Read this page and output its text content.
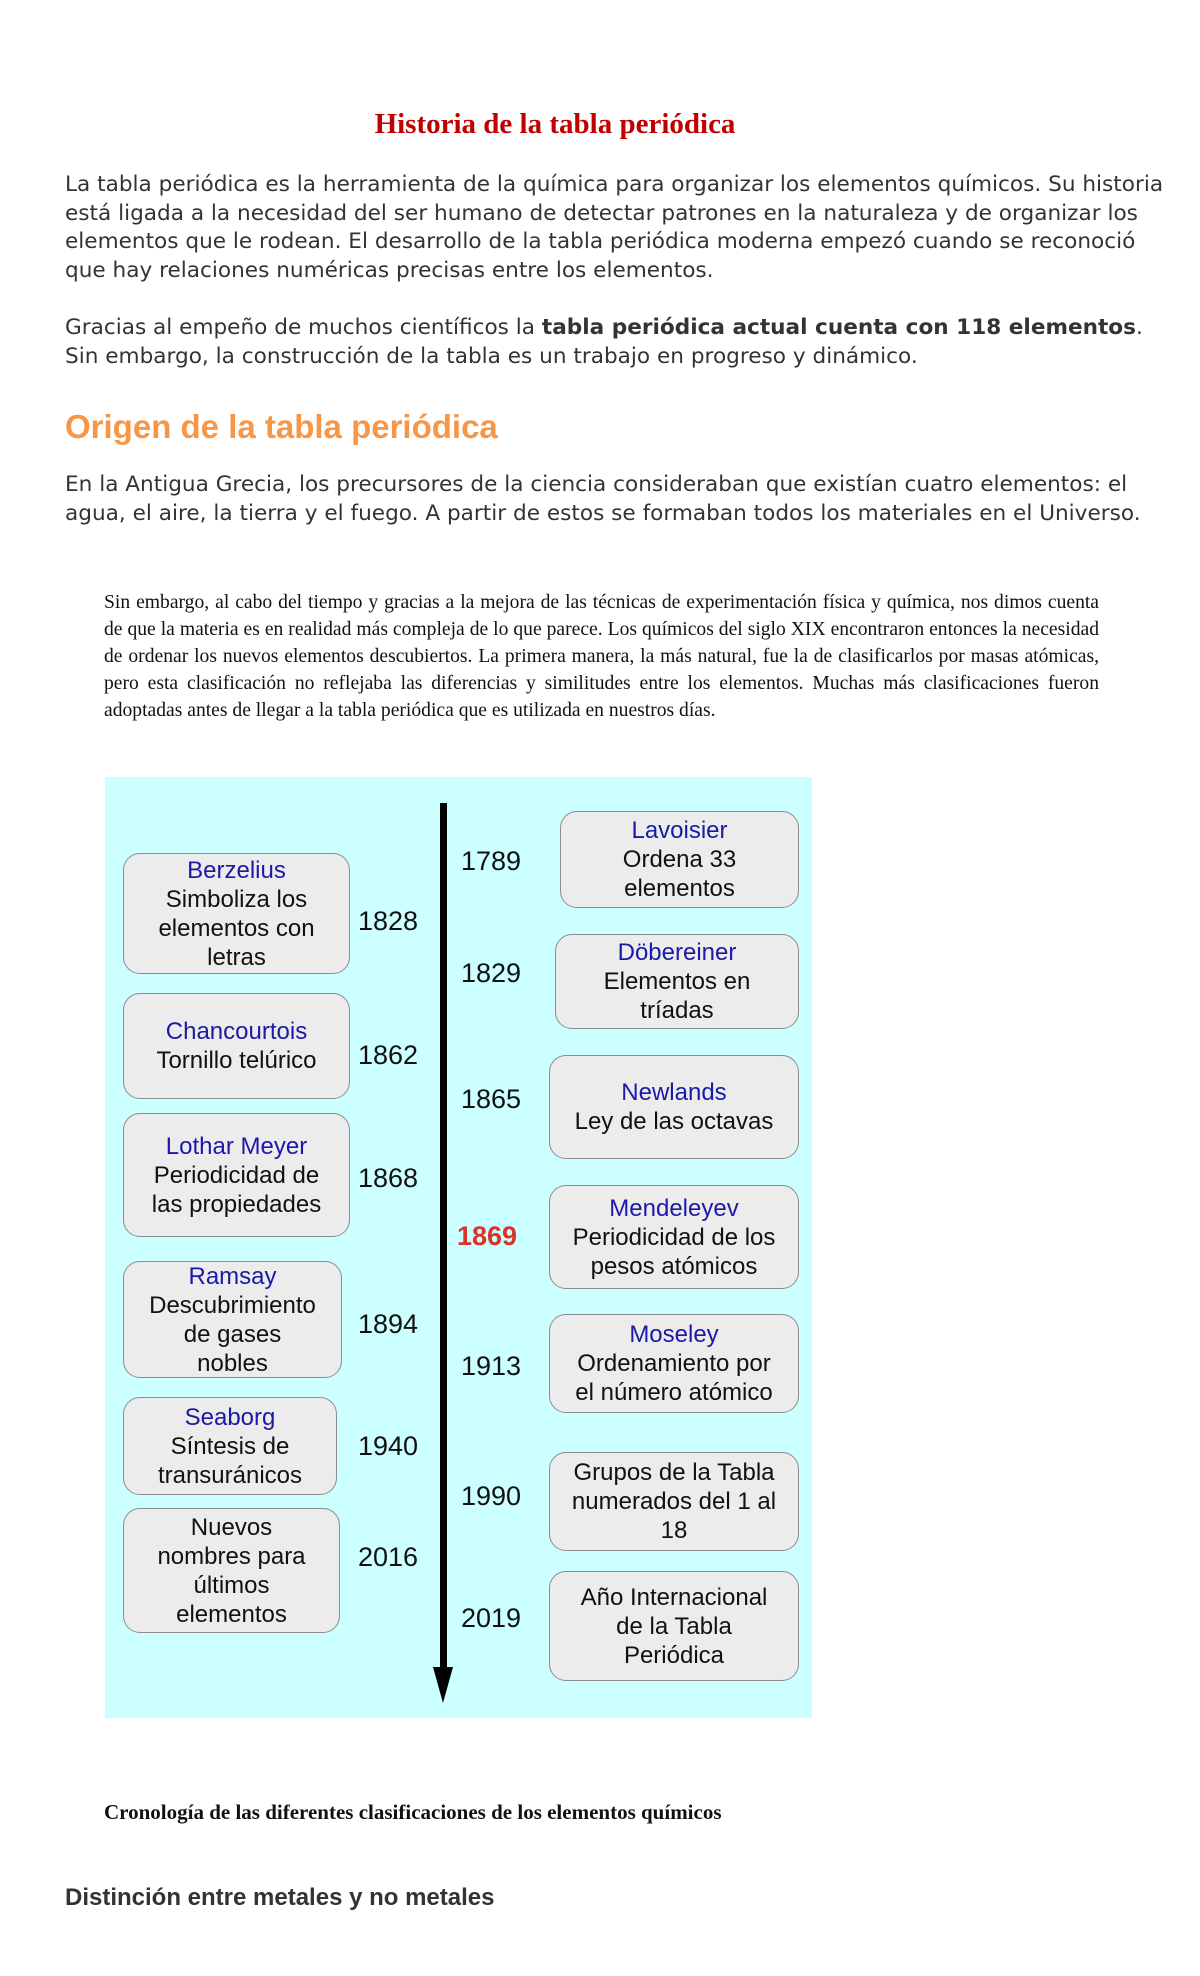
Historia de la tabla periódica

La tabla periódica es la herramienta de la química para organizar los elementos químicos. Su historia está ligada a la necesidad del ser humano de detectar patrones en la naturaleza y de organizar los elementos que le rodean. El desarrollo de la tabla periódica moderna empezó cuando se reconoció que hay relaciones numéricas precisas entre los elementos.

Gracias al empeño de muchos científicos la tabla periódica actual cuenta con 118 elementos. Sin embargo, la construcción de la tabla es un trabajo en progreso y dinámico.

Origen de la tabla periódica

En la Antigua Grecia, los precursores de la ciencia consideraban que existían cuatro elementos: el agua, el aire, la tierra y el fuego. A partir de estos se formaban todos los materiales en el Universo.

Sin embargo, al cabo del tiempo y gracias a la mejora de las técnicas de experimentación física y química, nos dimos cuenta de que la materia es en realidad más compleja de lo que parece. Los químicos del siglo XIX encontraron entonces la necesidad de ordenar los nuevos elementos descubiertos. La primera manera, la más natural, fue la de clasificarlos por masas atómicas, pero esta clasificación no reflejaba las diferencias y similitudes entre los elementos. Muchas más clasificaciones fueron adoptadas antes de llegar a la tabla periódica que es utilizada en nuestros días.

Berzelius
Simboliza los
elementos con
letras
Chancourtois
Tornillo telúrico
Lothar Meyer
Periodicidad de
las propiedades
Ramsay
Descubrimiento
de gases
nobles
Seaborg
Síntesis de
transuránicos
Nuevos
nombres para
últimos
elementos
1828
1862
1868
1894
1940
2016
1789
1829
1865
1869
1913
1990
2019
Lavoisier
Ordena 33
elementos
Döbereiner
Elementos en
tríadas
Newlands
Ley de las octavas
Mendeleyev
Periodicidad de los
pesos atómicos
Moseley
Ordenamiento por
el número atómico
Grupos de la Tabla
numerados del 1 al
18
Año Internacional
de la Tabla
Periódica

Cronología de las diferentes clasificaciones de los elementos químicos

Distinción entre metales y no metales
